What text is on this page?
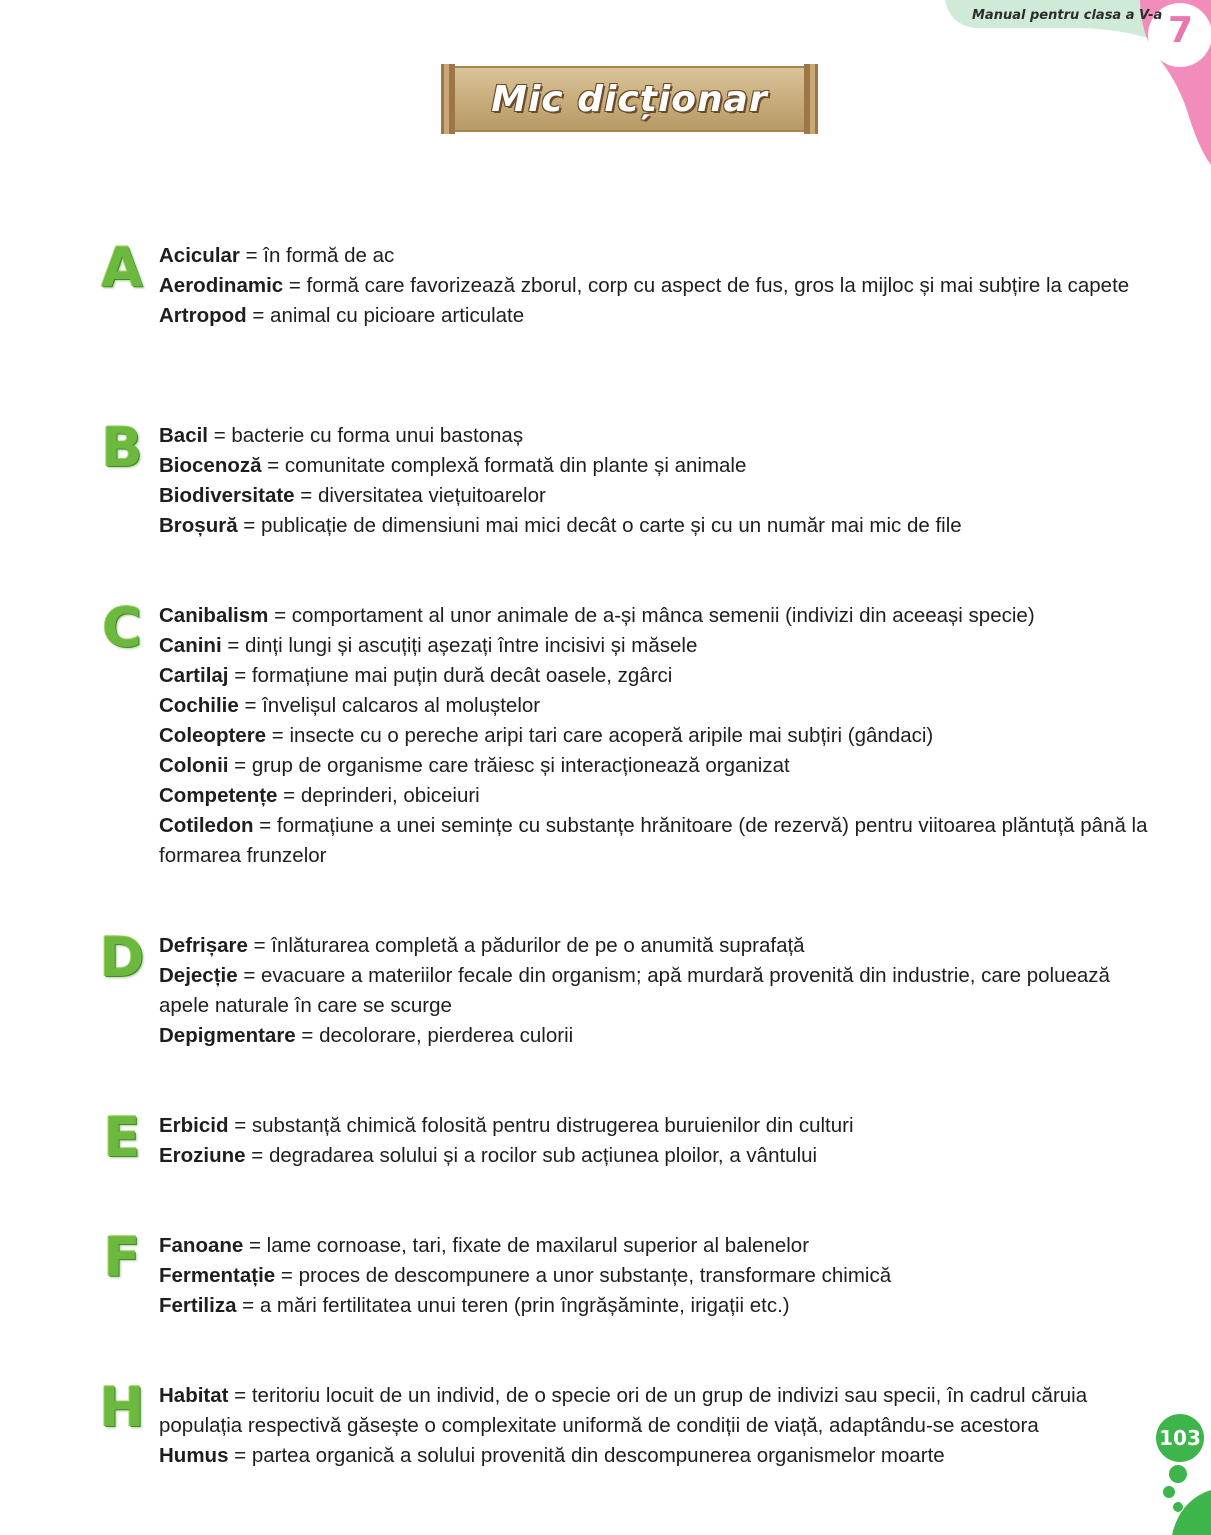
Manual pentru clasa a V-a 7
Mic dicționar
A Acicular = în formă de ac

Aerodinamic = formă care favorizează zborul, corp cu aspect de fus, gros la mijloc și mai subțire la capete

Artropod = animal cu picioare articulate

B Bacil = bacterie cu forma unui bastonaș

Biocenoză = comunitate complexă formată din plante și animale

Biodiversitate = diversitatea viețuitoarelor

Broșură = publicație de dimensiuni mai mici decât o carte și cu un număr mai mic de file

C Canibalism = comportament al unor animale de a-și mânca semenii (indivizi din aceeași specie)

Canini = dinți lungi și ascuțiți așezați între incisivi și măsele

Cartilaj = formațiune mai puțin dură decât oasele, zgârci

Cochilie = învelișul calcaros al moluștelor

Coleoptere = insecte cu o pereche aripi tari care acoperă aripile mai subțiri (gândaci)

Colonii = grup de organisme care trăiesc și interacționează organizat

Competențe = deprinderi, obiceiuri

Cotiledon = formațiune a unei semințe cu substanțe hrănitoare (de rezervă) pentru viitoarea plăntuță până la formarea frunzelor

D Defrișare = înlăturarea completă a pădurilor de pe o anumită suprafață

Dejecție = evacuare a materiilor fecale din organism; apă murdară provenită din industrie, care poluează apele naturale în care se scurge

Depigmentare = decolorare, pierderea culorii

E Erbicid = substanță chimică folosită pentru distrugerea buruienilor din culturi

Eroziune = degradarea solului și a rocilor sub acțiunea ploilor, a vântului

F Fanoane = lame cornoase, tari, fixate de maxilarul superior al balenelor

Fermentație = proces de descompunere a unor substanțe, transformare chimică

Fertiliza = a mări fertilitatea unui teren (prin îngrășăminte, irigații etc.)

H Habitat = teritoriu locuit de un individ, de o specie ori de un grup de indivizi sau specii, în cadrul căruia populația respectivă găsește o complexitate uniformă de condiții de viață, adaptându-se acestora

Humus = partea organică a solului provenită din descompunerea organismelor moarte

103
